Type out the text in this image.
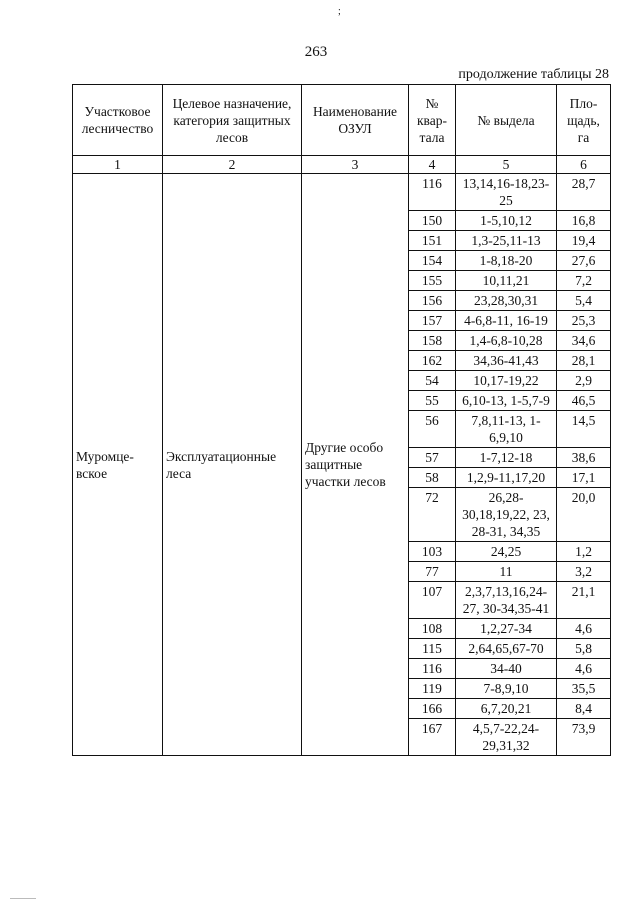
;
263
продолжение таблицы 28
Участковое лесничество	Целевое назначение, категория защитных лесов	Наименование ОЗУЛ	№ квар-тала	№ выдела	Пло-щадь, га
1	2	3	4	5	6
Муромце-вское	Эксплуатационные леса	Другие особо защитные участки лесов	116	13,14,16-18,23-25	28,7
			150	1-5,10,12	16,8
			151	1,3-25,11-13	19,4
			154	1-8,18-20	27,6
			155	10,11,21	7,2
			156	23,28,30,31	5,4
			157	4-6,8-11, 16-19	25,3
			158	1,4-6,8-10,28	34,6
			162	34,36-41,43	28,1
			54	10,17-19,22	2,9
			55	6,10-13, 1-5,7-9	46,5
			56	7,8,11-13, 1-6,9,10	14,5
			57	1-7,12-18	38,6
			58	1,2,9-11,17,20	17,1
			72	26,28-30,18,19,22, 23, 28-31, 34,35	20,0
			103	24,25	1,2
			77	11	3,2
			107	2,3,7,13,16,24-27, 30-34,35-41	21,1
			108	1,2,27-34	4,6
			115	2,64,65,67-70	5,8
			116	34-40	4,6
			119	7-8,9,10	35,5
			166	6,7,20,21	8,4
			167	4,5,7-22,24-29,31,32	73,9
